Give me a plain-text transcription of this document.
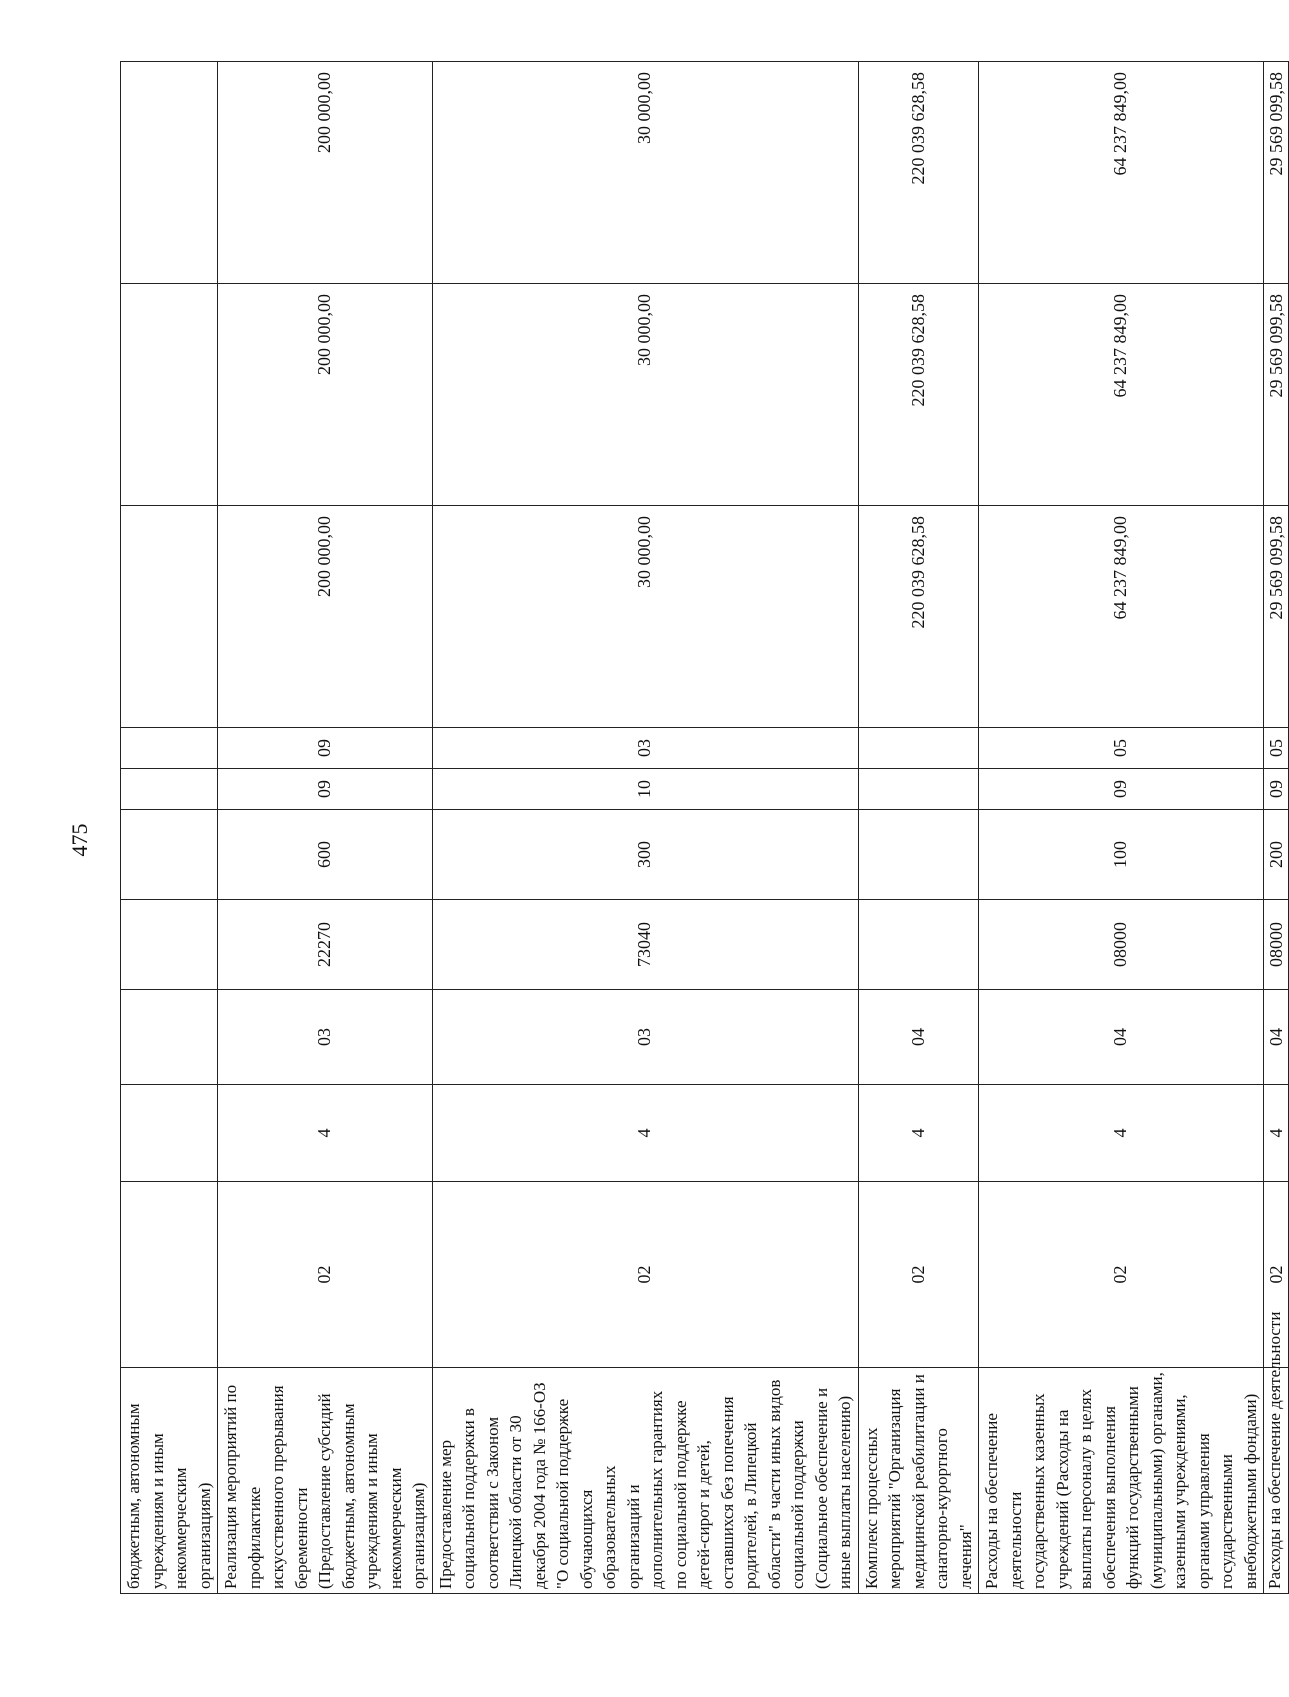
475
бюджетным, автономным учреждениям и иным некоммерческим организациям)										
Реализация мероприятий по профилактике искусственного прерывания беременности (Предоставление субсидий бюджетным, автономным учреждениям и иным некоммерческим организациям)	02	4	03	22270	600	09	09	200 000,00	200 000,00	200 000,00
Предоставление мер социальной поддержки в соответствии с Законом Липецкой области от 30 декабря 2004 года № 166-ОЗ "О социальной поддержке обучающихся образовательных организаций и дополнительных гарантиях по социальной поддержке детей-сирот и детей, оставшихся без попечения родителей, в Липецкой области" в части иных видов социальной поддержки (Социальное обеспечение и иные выплаты населению)	02	4	03	73040	300	10	03	30 000,00	30 000,00	30 000,00
Комплекс процессных мероприятий "Организация медицинской реабилитации и санаторно-курортного лечения"	02	4	04					220 039 628,58	220 039 628,58	220 039 628,58
Расходы на обеспечение деятельности государственных казенных учреждений (Расходы на выплаты персоналу в целях обеспечения выполнения функций государственными (муниципальными) органами, казенными учреждениями, органами управления государственными внебюджетными фондами)	02	4	04	08000	100	09	05	64 237 849,00	64 237 849,00	64 237 849,00
Расходы на обеспечение деятельности	02	4	04	08000	200	09	05	29 569 099,58	29 569 099,58	29 569 099,58
